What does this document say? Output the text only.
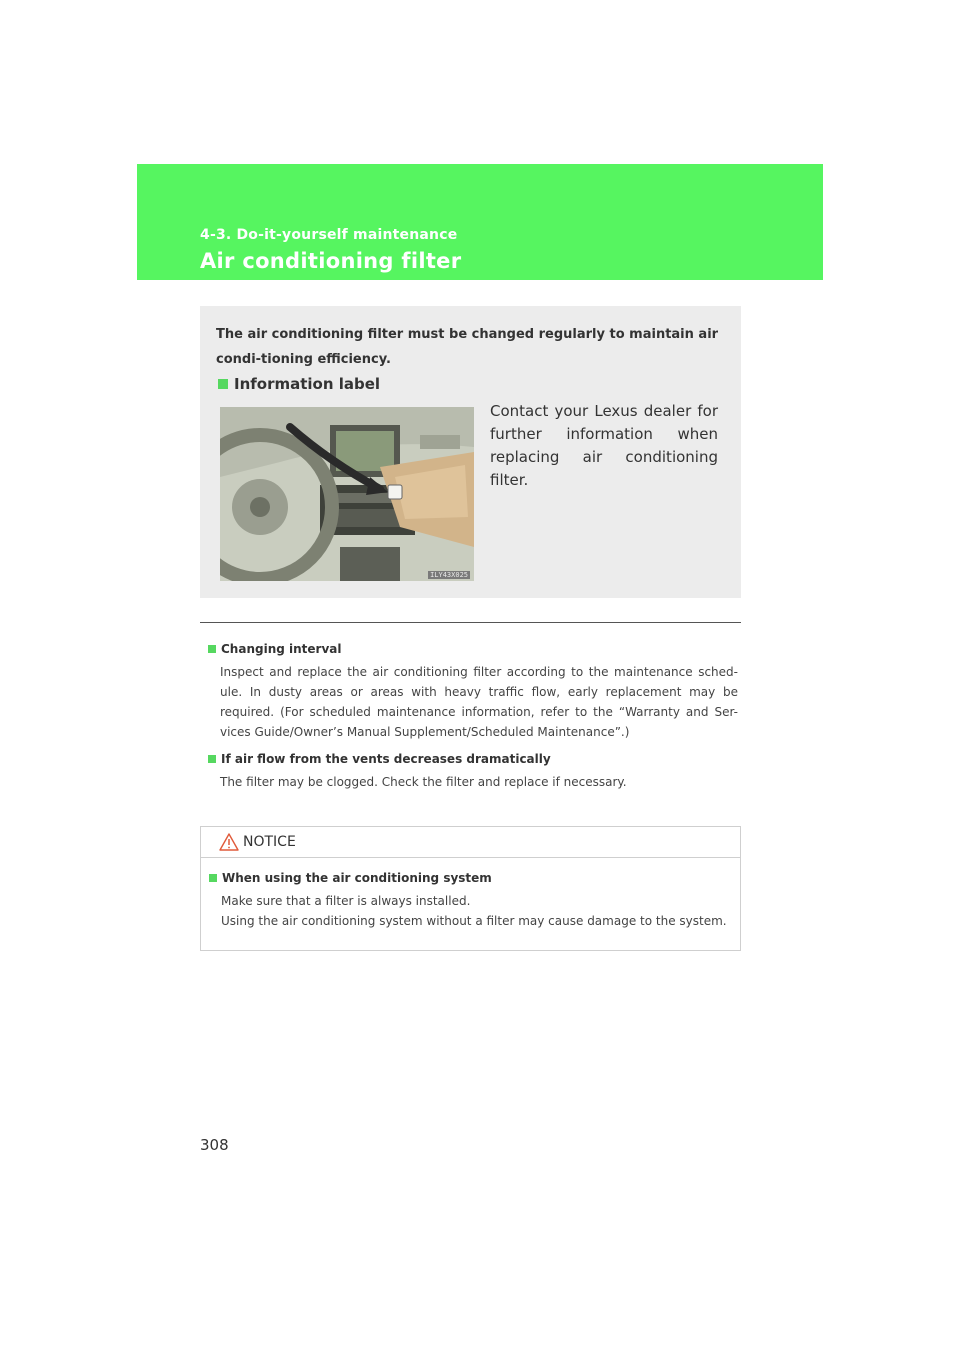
4-3. Do-it-yourself maintenance
Air conditioning filter
The air conditioning filter must be changed regularly to maintain air condi-tioning efficiency.
Information label
ILY43X025
Contact your Lexus dealer for further information when replacing air conditioning filter.

Changing interval

Inspect and replace the air conditioning filter according to the maintenance sched-ule. In dusty areas or areas with heavy traffic flow, early replacement may be required. (For scheduled maintenance information, refer to the “Warranty and Ser-vices Guide/Owner’s Manual Supplement/Scheduled Maintenance”.)

If air flow from the vents decreases dramatically

The filter may be clogged. Check the filter and replace if necessary.
NOTICE

When using the air conditioning system

Make sure that a filter is always installed.
Using the air conditioning system without a filter may cause damage to the system.
308
